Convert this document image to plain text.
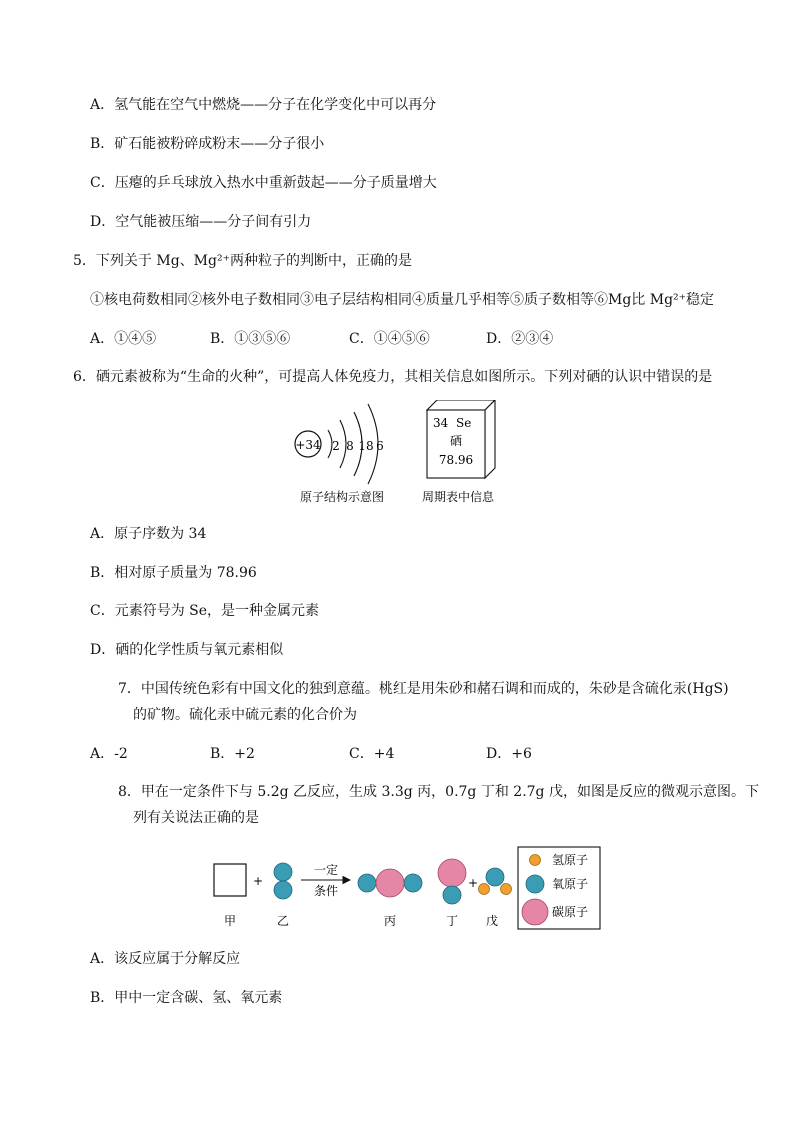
A．氢气能在空气中燃烧——分子在化学变化中可以再分
B．矿石能被粉碎成粉末——分子很小
C．压瘪的乒乓球放入热水中重新鼓起——分子质量增大
D．空气能被压缩——分子间有引力
5．下列关于 Mg、Mg²⁺两种粒子的判断中，正确的是
①核电荷数相同②核外电子数相同③电子层结构相同④质量几乎相等⑤质子数相等⑥Mg比 Mg²⁺稳定
A．①④⑤	B．①③⑤⑥	C．①④⑤⑥	D．②③④
6．硒元素被称为“生命的火种”，可提高人体免疫力，其相关信息如图所示。下列对硒的认识中错误的是
+34 2 8 18 6
原子结构示意图
34 Se
硒
78.96
周期表中信息
A．原子序数为 34
B．相对原子质量为 78.96
C．元素符号为 Se，是一种金属元素
D．硒的化学性质与氧元素相似
7．中国传统色彩有中国文化的独到意蕴。桃红是用朱砂和赭石调和而成的，朱砂是含硫化汞(HgS)
的矿物。硫化汞中硫元素的化合价为
A．-2	B．+2	C．+4	D．+6
8．甲在一定条件下与 5.2g 乙反应，生成 3.3g 丙，0.7g 丁和 2.7g 戊，如图是反应的微观示意图。下
列有关说法正确的是
+
一定
条件
+
甲	乙	丙	丁 戊
氢原子
氧原子
碳原子
A．该反应属于分解反应
B．甲中一定含碳、氢、氧元素
